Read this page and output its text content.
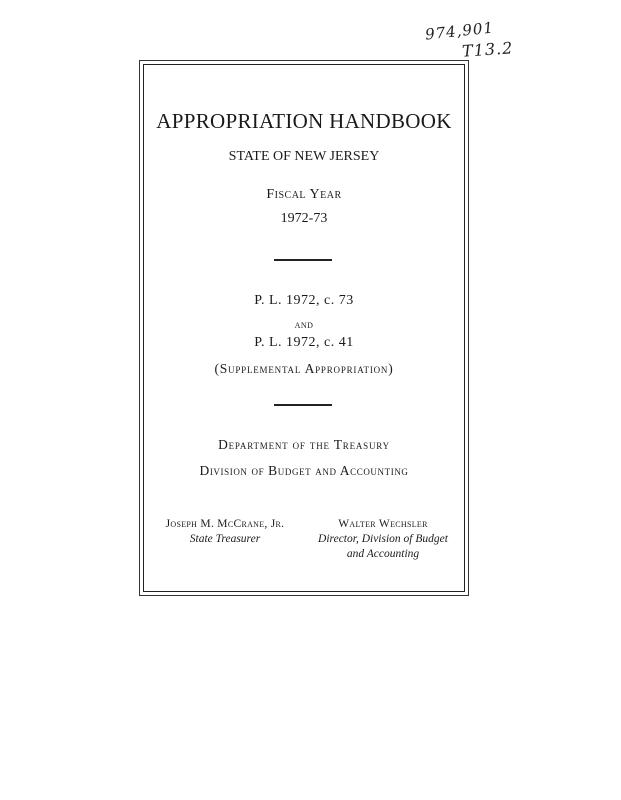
974,901
T13.2
APPROPRIATION HANDBOOK
STATE OF NEW JERSEY
Fiscal Year
1972-73
P. L. 1972, c. 73
and
P. L. 1972, c. 41
(Supplemental Appropriation)
Department of the Treasury
Division of Budget and Accounting
Joseph M. McCrane, Jr.
State Treasurer
Walter Wechsler
Director, Division of Budget
and Accounting
